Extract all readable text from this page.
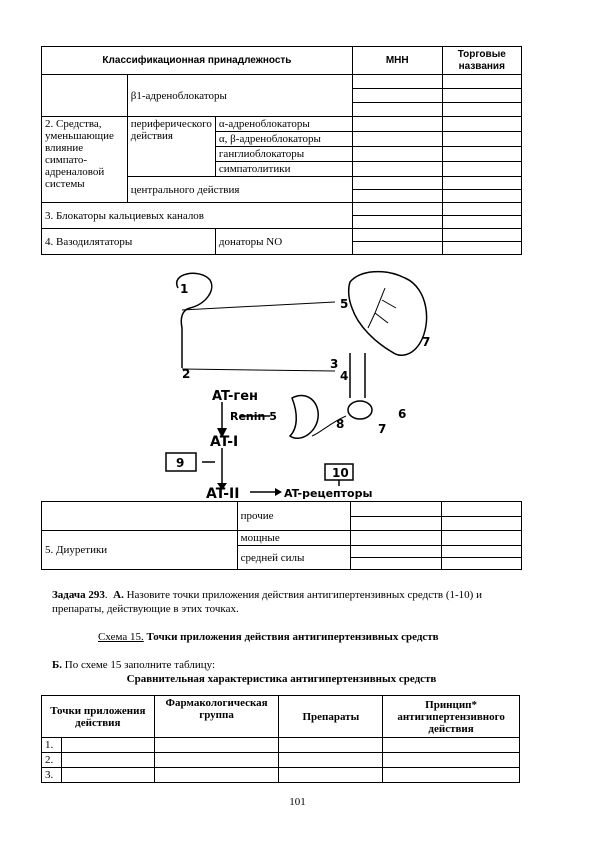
Классификационная принадлежность			МНН	Торговые названия
	β1-адреноблокаторы			

2. Средства, уменьшающие влияние симпато-адреналовой системы	периферического действия	α-адреноблокаторы		
		α, β-адреноблокаторы		
		ганглиоблокаторы		
		симпатолитики		
	центрального действия			

3. Блокаторы кальциевых каналов				

4. Вазодилятаторы		донаторы NO		

1
2
3
4
5
6
7
7
8
9
10
AT-ген
Renin 5
AT-I
AT-II	AT-рецепторы
	прочие		

5. Диуретики	мощные		
	средней силы		

Задача 293.  А. Назовите точки приложения действия антигипертензивных средств (1-10) и препараты, действующие в этих точках.
Схема 15. Точки приложения действия антигипертензивных средств
Б. По схеме 15 заполните таблицу:
Сравнительная характеристика антигипертензивных средств
Точки приложения действия		Фармакологическая группа	Препараты	Принцип* антигипертензивного действия
1.				
2.				
3.				
101
